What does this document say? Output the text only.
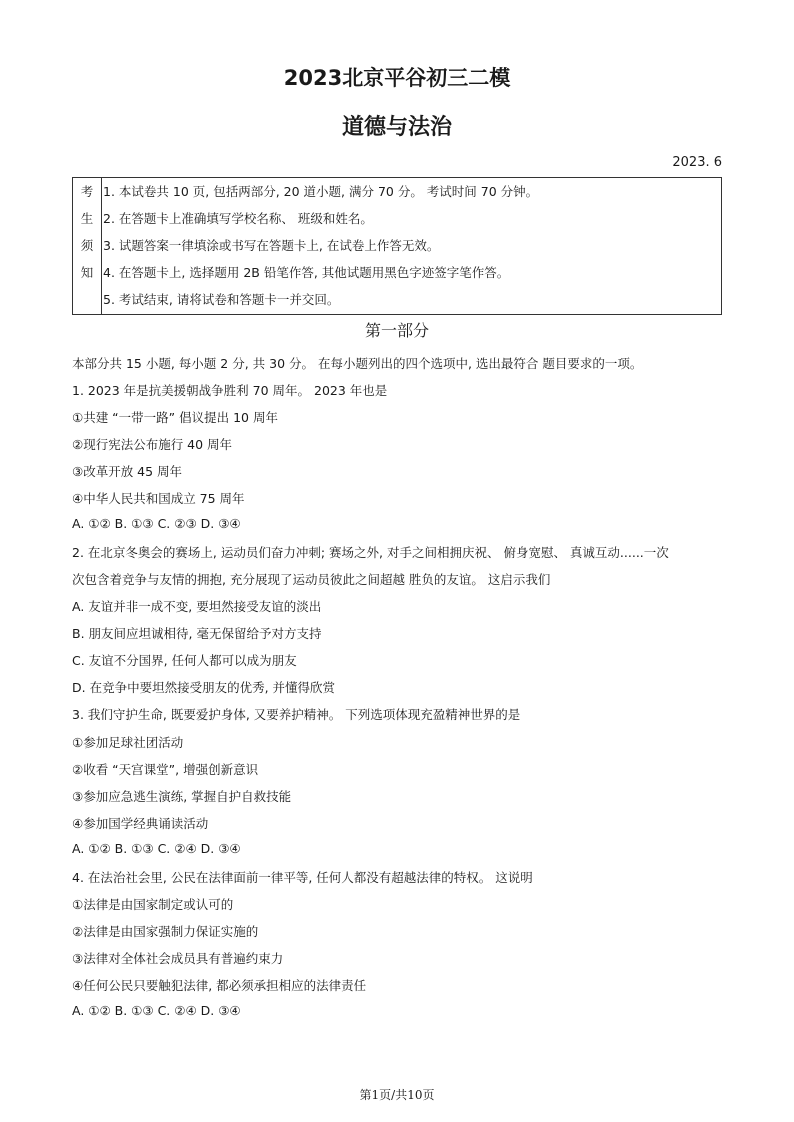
2023北京平谷初三二模
道德与法治
2023. 6
考
生
须
知
1. 本试卷共 10 页, 包括两部分, 20 道小题, 满分 70 分。 考试时间 70 分钟。
2. 在答题卡上准确填写学校名称、 班级和姓名。
3. 试题答案一律填涂或书写在答题卡上, 在试卷上作答无效。
4. 在答题卡上, 选择题用 2B 铅笔作答, 其他试题用黑色字迹签字笔作答。
5. 考试结束, 请将试卷和答题卡一并交回。
第一部分
本部分共 15 小题, 每小题 2 分, 共 30 分。 在每小题列出的四个选项中, 选出最符合 题目要求的一项。
1. 2023 年是抗美援朝战争胜利 70 周年。 2023 年也是
①共建 “一带一路” 倡议提出 10 周年
②现行宪法公布施行 40 周年
③改革开放 45 周年
④中华人民共和国成立 75 周年
A. ①② B. ①③ C. ②③ D. ③④
2. 在北京冬奥会的赛场上, 运动员们奋力冲刺; 赛场之外, 对手之间相拥庆祝、 俯身宽慰、 真诚互动......一次
次包含着竞争与友情的拥抱, 充分展现了运动员彼此之间超越 胜负的友谊。 这启示我们
A. 友谊并非一成不变, 要坦然接受友谊的淡出
B. 朋友间应坦诚相待, 毫无保留给予对方支持
C. 友谊不分国界, 任何人都可以成为朋友
D. 在竞争中要坦然接受朋友的优秀, 并懂得欣赏
3. 我们守护生命, 既要爱护身体, 又要养护精神。 下列选项体现充盈精神世界的是
①参加足球社团活动
②收看 “天宫课堂”, 增强创新意识
③参加应急逃生演练, 掌握自护自救技能
④参加国学经典诵读活动
A. ①② B. ①③ C. ②④ D. ③④
4. 在法治社会里, 公民在法律面前一律平等, 任何人都没有超越法律的特权。 这说明
①法律是由国家制定或认可的
②法律是由国家强制力保证实施的
③法律对全体社会成员具有普遍约束力
④任何公民只要触犯法律, 都必须承担相应的法律责任
A. ①② B. ①③ C. ②④ D. ③④
第1页/共10页
